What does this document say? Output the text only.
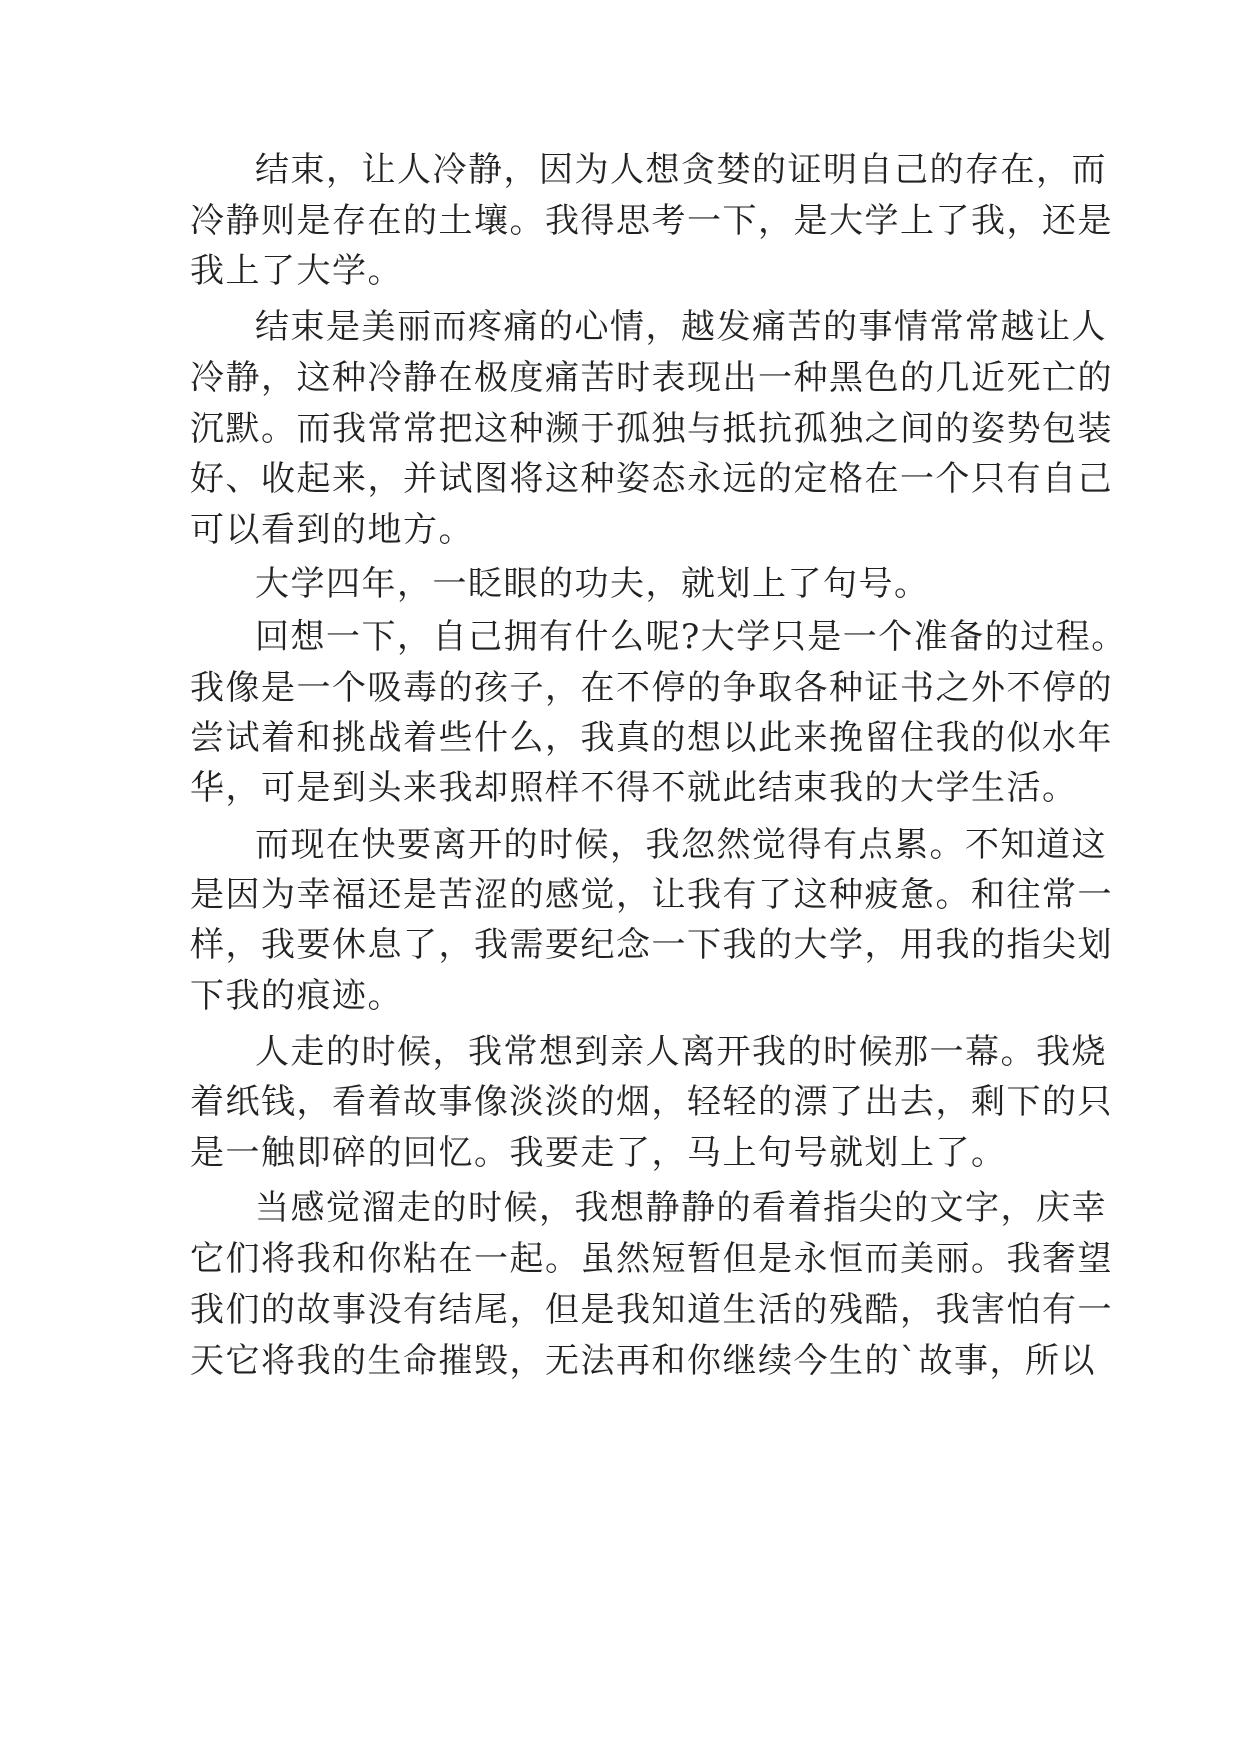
结束，让人冷静，因为人想贪婪的证明自己的存在，而
冷静则是存在的土壤。我得思考一下，是大学上了我，还是
我上了大学。
结束是美丽而疼痛的心情，越发痛苦的事情常常越让人
冷静，这种冷静在极度痛苦时表现出一种黑色的几近死亡的
沉默。而我常常把这种濒于孤独与抵抗孤独之间的姿势包装
好、收起来，并试图将这种姿态永远的定格在一个只有自己
可以看到的地方。
大学四年，一眨眼的功夫，就划上了句号。
回想一下，自己拥有什么呢?大学只是一个准备的过程。
我像是一个吸毒的孩子，在不停的争取各种证书之外不停的
尝试着和挑战着些什么，我真的想以此来挽留住我的似水年
华，可是到头来我却照样不得不就此结束我的大学生活。
而现在快要离开的时候，我忽然觉得有点累。不知道这
是因为幸福还是苦涩的感觉，让我有了这种疲惫。和往常一
样，我要休息了，我需要纪念一下我的大学，用我的指尖划
下我的痕迹。
人走的时候，我常想到亲人离开我的时候那一幕。我烧
着纸钱，看着故事像淡淡的烟，轻轻的漂了出去，剩下的只
是一触即碎的回忆。我要走了，马上句号就划上了。
当感觉溜走的时候，我想静静的看着指尖的文字，庆幸
它们将我和你粘在一起。虽然短暂但是永恒而美丽。我奢望
我们的故事没有结尾，但是我知道生活的残酷，我害怕有一
天它将我的生命摧毁，无法再和你继续今生的`故事，所以
